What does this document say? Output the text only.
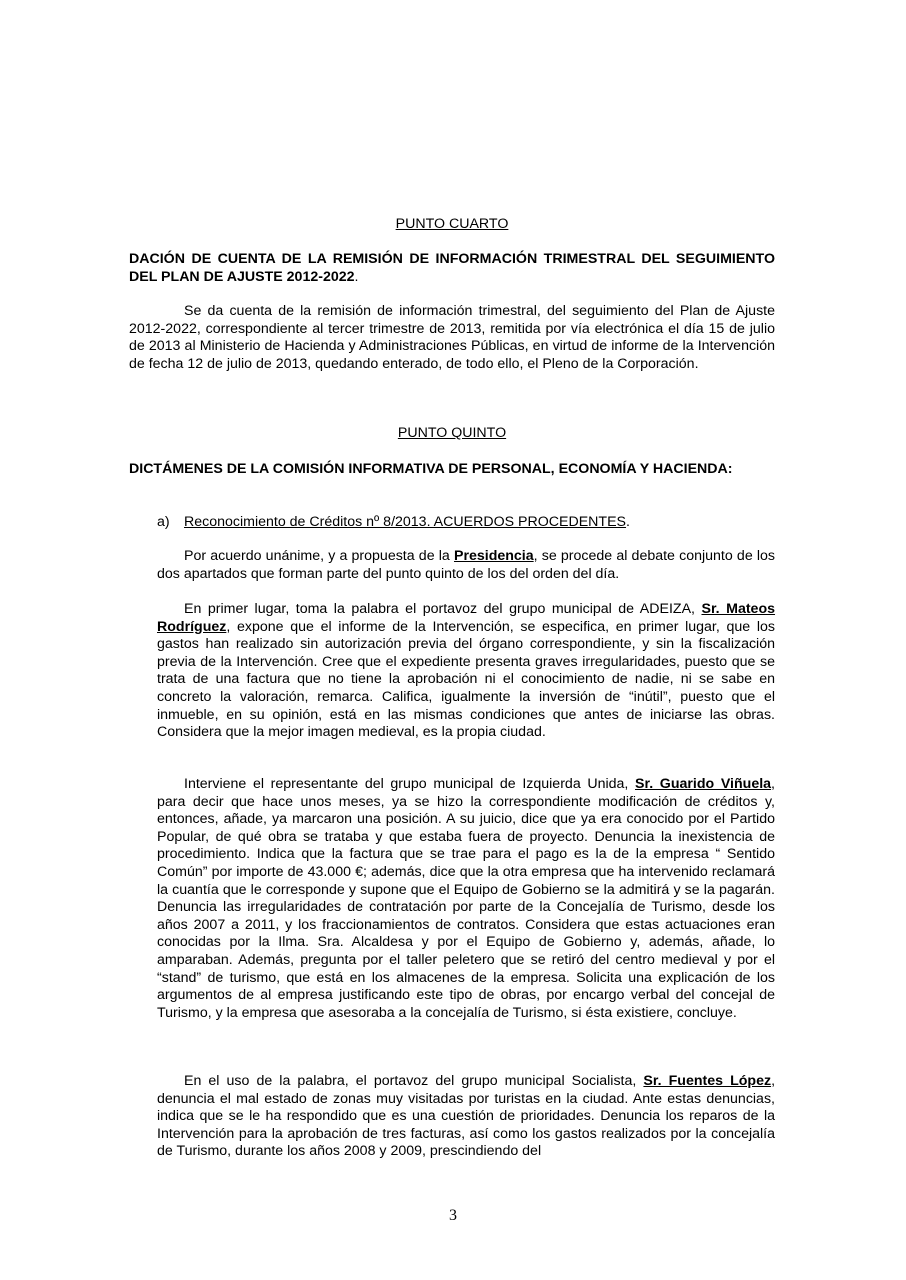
PUNTO CUARTO

DACIÓN DE CUENTA DE LA REMISIÓN DE INFORMACIÓN TRIMESTRAL DEL SEGUIMIENTO DEL PLAN DE AJUSTE 2012-2022.

Se da cuenta de la remisión de información trimestral, del seguimiento del Plan de Ajuste 2012-2022, correspondiente al tercer trimestre de 2013, remitida por vía electrónica el día 15 de julio de 2013 al Ministerio de Hacienda y Administraciones Públicas, en virtud de informe de la Intervención de fecha 12 de julio de 2013, quedando enterado, de todo ello, el Pleno de la Corporación.

PUNTO QUINTO

DICTÁMENES DE LA COMISIÓN INFORMATIVA DE PERSONAL, ECONOMÍA Y HACIENDA:

a) Reconocimiento de Créditos nº 8/2013. ACUERDOS PROCEDENTES.

Por acuerdo unánime, y a propuesta de la Presidencia, se procede al debate conjunto de los dos apartados que forman parte del punto quinto de los del orden del día.

En primer lugar, toma la palabra el portavoz del grupo municipal de ADEIZA, Sr. Mateos Rodríguez, expone que el informe de la Intervención, se especifica, en primer lugar, que los gastos han realizado sin autorización previa del órgano correspondiente, y sin la fiscalización previa de la Intervención. Cree que el expediente presenta graves irregularidades, puesto que se trata de una factura que no tiene la aprobación ni el conocimiento de nadie, ni se sabe en concreto la valoración, remarca. Califica, igualmente la inversión de “inútil”, puesto que el inmueble, en su opinión, está en las mismas condiciones que antes de iniciarse las obras. Considera que la mejor imagen medieval, es la propia ciudad.

Interviene el representante del grupo municipal de Izquierda Unida, Sr. Guarido Viñuela, para decir que hace unos meses, ya se hizo la correspondiente modificación de créditos y, entonces, añade, ya marcaron una posición. A su juicio, dice que ya era conocido por el Partido Popular, de qué obra se trataba y que estaba fuera de proyecto. Denuncia la inexistencia de procedimiento. Indica que la factura que se trae para el pago es la de la empresa “ Sentido Común” por importe de 43.000 €; además, dice que la otra empresa que ha intervenido reclamará la cuantía que le corresponde y supone que el Equipo de Gobierno se la admitirá y se la pagarán. Denuncia las irregularidades de contratación por parte de la Concejalía de Turismo, desde los años 2007 a 2011, y los fraccionamientos de contratos. Considera que estas actuaciones eran conocidas por la Ilma. Sra. Alcaldesa y por el Equipo de Gobierno y, además, añade, lo amparaban. Además, pregunta por el taller peletero que se retiró del centro medieval y por el “stand” de turismo, que está en los almacenes de la empresa. Solicita una explicación de los argumentos de al empresa justificando este tipo de obras, por encargo verbal del concejal de Turismo, y la empresa que asesoraba a la concejalía de Turismo, si ésta existiere, concluye.

En el uso de la palabra, el portavoz del grupo municipal Socialista, Sr. Fuentes López, denuncia el mal estado de zonas muy visitadas por turistas en la ciudad. Ante estas denuncias, indica que se le ha respondido que es una cuestión de prioridades. Denuncia los reparos de la Intervención para la aprobación de tres facturas, así como los gastos realizados por la concejalía de Turismo, durante los años 2008 y 2009, prescindiendo del

3
